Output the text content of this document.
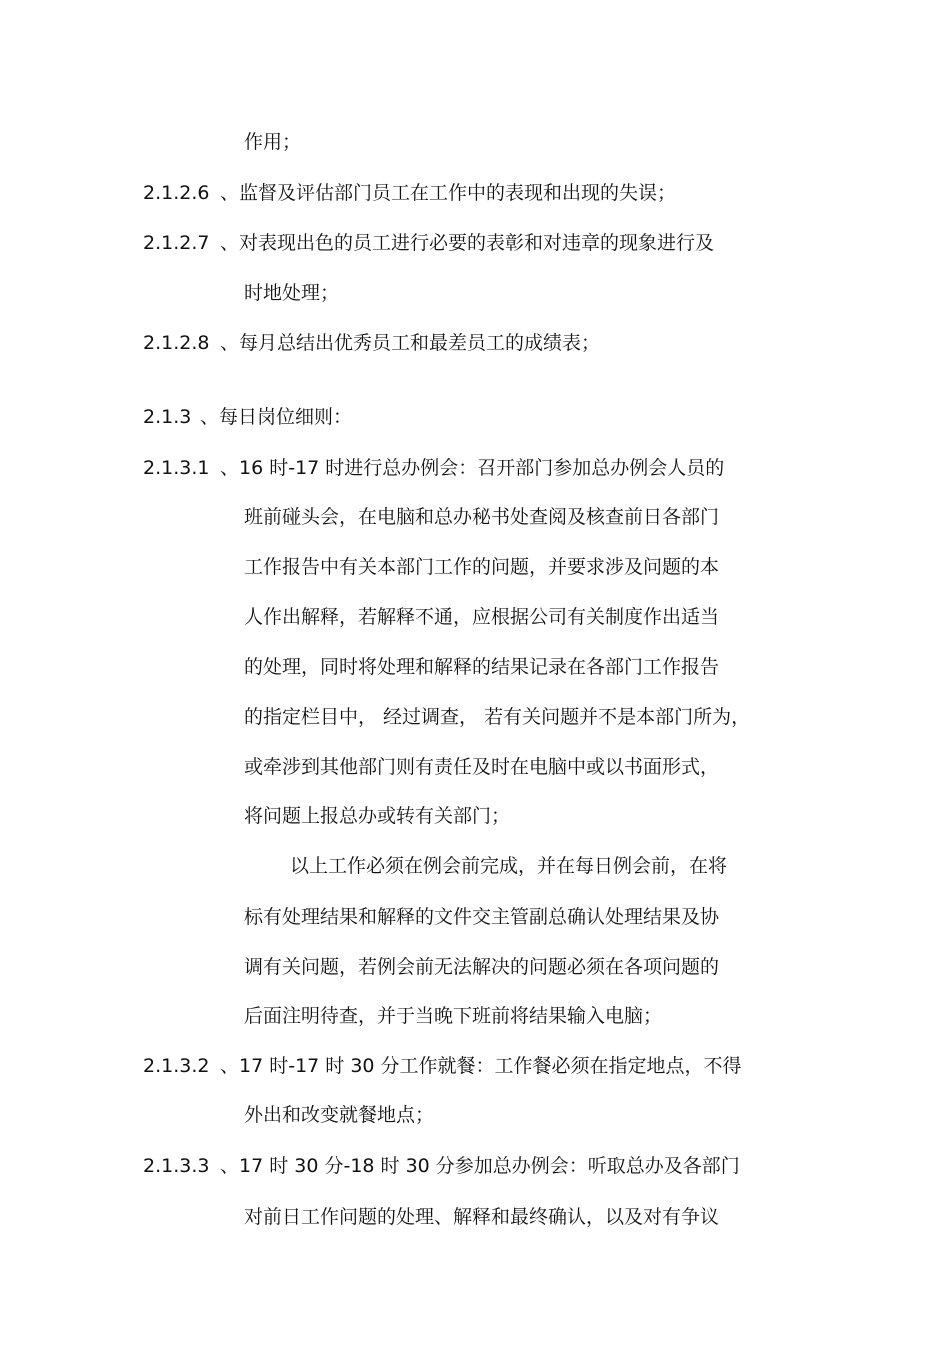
作用；
2.1.2.6 、监督及评估部门员工在工作中的表现和出现的失误；
2.1.2.7 、对表现出色的员工进行必要的表彰和对违章的现象进行及
时地处理；
2.1.2.8 、每月总结出优秀员工和最差员工的成绩表；
2.1.3 、每日岗位细则：
2.1.3.1 、16 时-17 时进行总办例会：召开部门参加总办例会人员的
班前碰头会，在电脑和总办秘书处查阅及核查前日各部门
工作报告中有关本部门工作的问题，并要求涉及问题的本
人作出解释，若解释不通，应根据公司有关制度作出适当
的处理，同时将处理和解释的结果记录在各部门工作报告
的指定栏目中， 经过调查， 若有关问题并不是本部门所为，
或牵涉到其他部门则有责任及时在电脑中或以书面形式，
将问题上报总办或转有关部门；
以上工作必须在例会前完成，并在每日例会前，在将
标有处理结果和解释的文件交主管副总确认处理结果及协
调有关问题，若例会前无法解决的问题必须在各项问题的
后面注明待查，并于当晚下班前将结果输入电脑；
2.1.3.2 、17 时-17 时 30 分工作就餐：工作餐必须在指定地点，不得
外出和改变就餐地点；
2.1.3.3 、17 时 30 分-18 时 30 分参加总办例会：听取总办及各部门
对前日工作问题的处理、解释和最终确认，以及对有争议
